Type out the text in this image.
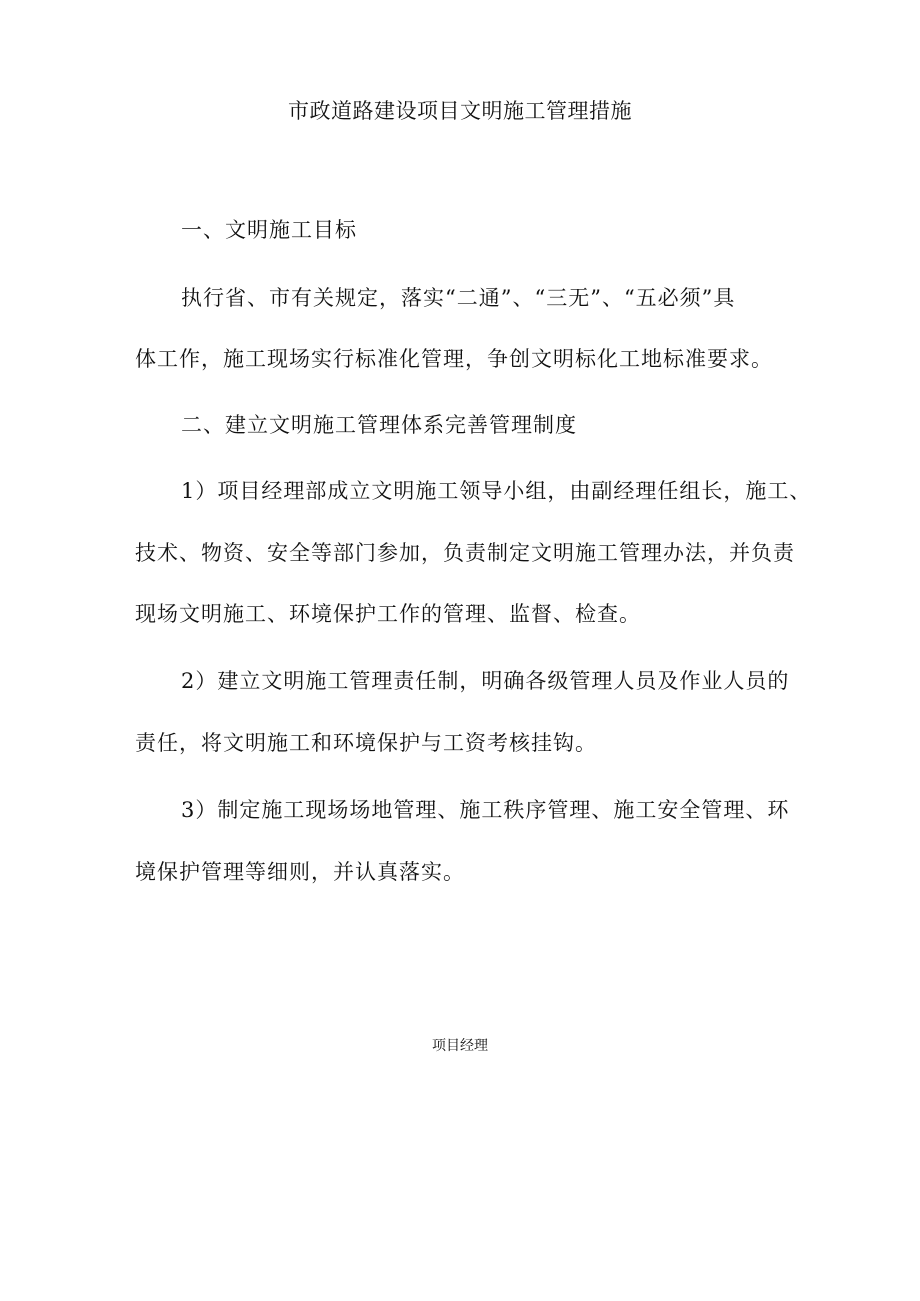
市政道路建设项目文明施工管理措施
一、文明施工目标
执行省、市有关规定，落实“二通”、“三无”、“五必须”具
体工作，施工现场实行标准化管理，争创文明标化工地标准要求。
二、建立文明施工管理体系完善管理制度
1）项目经理部成立文明施工领导小组，由副经理任组长，施工、
技术、物资、安全等部门参加，负责制定文明施工管理办法，并负责
现场文明施工、环境保护工作的管理、监督、检查。
2）建立文明施工管理责任制，明确各级管理人员及作业人员的
责任，将文明施工和环境保护与工资考核挂钩。
3）制定施工现场场地管理、施工秩序管理、施工安全管理、环
境保护管理等细则，并认真落实。
项目经理
